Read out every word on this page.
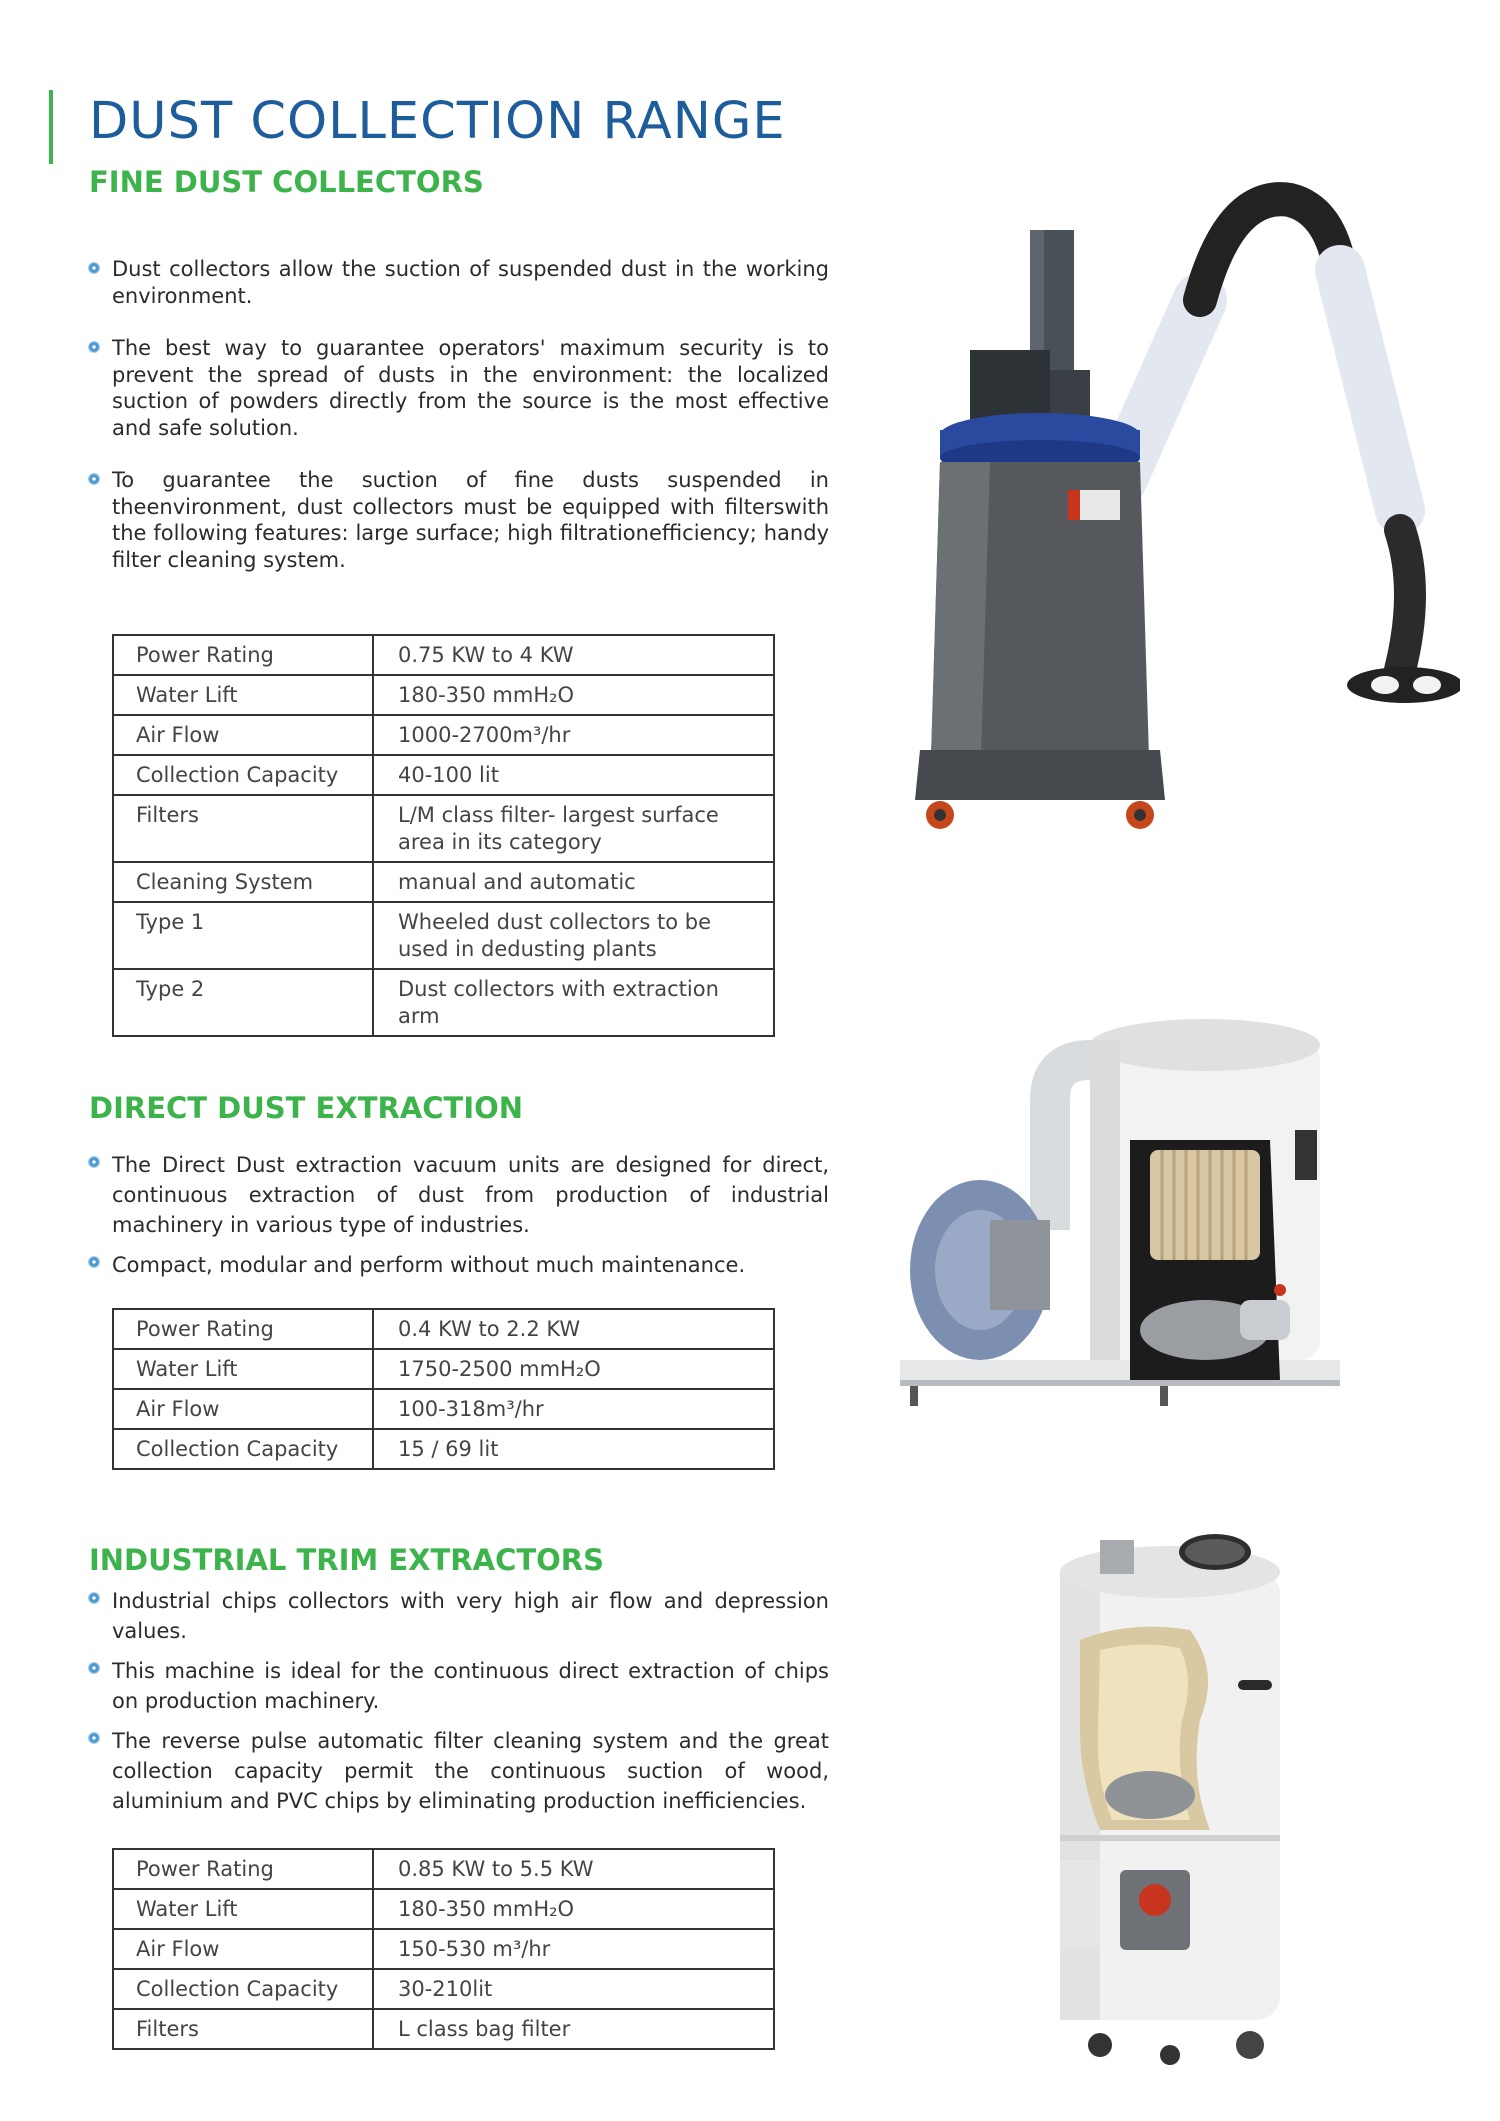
DUST COLLECTION RANGE
FINE DUST COLLECTORS
Dust collectors allow the suction of suspended dust in the working environment.
The best way to guarantee operators' maximum security is to prevent the spread of dusts in the environment: the localized suction of powders directly from the source is the most effective and safe solution.
To guarantee the suction of fine dusts suspended in theenvironment, dust collectors must be equipped with filterswith the following features: large surface; high filtrationefficiency; handy filter cleaning system.
Power Rating	0.75 KW to 4 KW
Water Lift	180-350 mmH₂O
Air Flow	1000-2700m³/hr
Collection Capacity	40-100 lit
Filters	L/M class filter- largest surface area in its category
Cleaning System	manual and automatic
Type 1	Wheeled dust collectors to be used in dedusting plants
Type 2	Dust collectors with extraction arm
DIRECT DUST EXTRACTION
The Direct Dust extraction vacuum units are designed for direct, continuous extraction of dust from production of industrial machinery in various type of industries.
Compact, modular and perform without much maintenance.
Power Rating	0.4 KW to 2.2 KW
Water Lift	1750-2500 mmH₂O
Air Flow	100-318m³/hr
Collection Capacity	15 / 69 lit
INDUSTRIAL TRIM EXTRACTORS
Industrial chips collectors with very high air flow and depression values.
This machine is ideal for the continuous direct extraction of chips on production machinery.
The reverse pulse automatic filter cleaning system and the great collection capacity permit the continuous suction of wood, aluminium and PVC chips by eliminating production inefficiencies.
Power Rating	0.85 KW to 5.5 KW
Water Lift	180-350 mmH₂O
Air Flow	150-530 m³/hr
Collection Capacity	30-210lit
Filters	L class bag filter
